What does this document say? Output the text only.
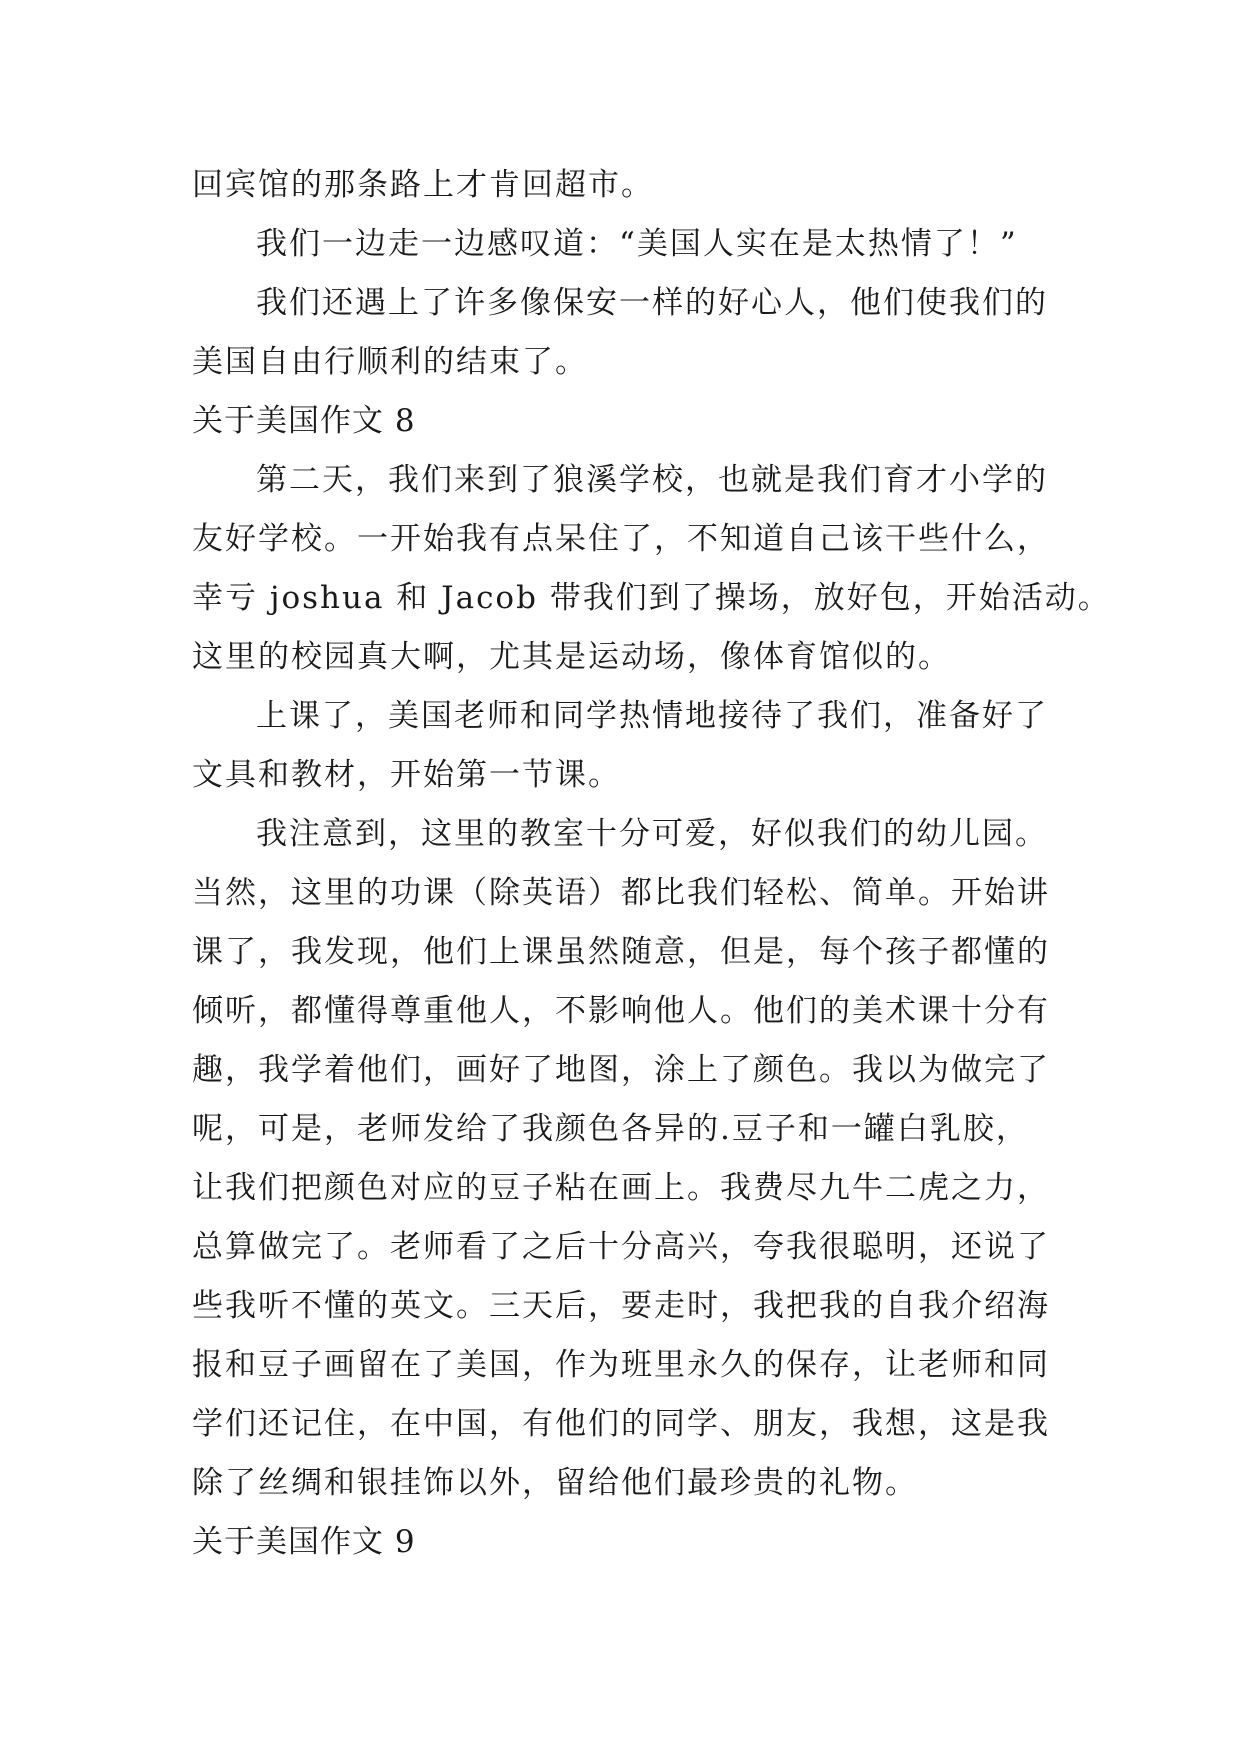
回宾馆的那条路上才肯回超市。

我们一边走一边感叹道：“美国人实在是太热情了！”

我们还遇上了许多像保安一样的好心人，他们使我们的

美国自由行顺利的结束了。

关于美国作文 8

第二天，我们来到了狼溪学校，也就是我们育才小学的

友好学校。一开始我有点呆住了，不知道自己该干些什么，

幸亏 joshua 和 Jacob 带我们到了操场，放好包，开始活动。

这里的校园真大啊，尤其是运动场，像体育馆似的。

上课了，美国老师和同学热情地接待了我们，准备好了

文具和教材，开始第一节课。

我注意到，这里的教室十分可爱，好似我们的幼儿园。

当然，这里的功课（除英语）都比我们轻松、简单。开始讲

课了，我发现，他们上课虽然随意，但是，每个孩子都懂的

倾听，都懂得尊重他人，不影响他人。他们的美术课十分有

趣，我学着他们，画好了地图，涂上了颜色。我以为做完了

呢，可是，老师发给了我颜色各异的.豆子和一罐白乳胶，

让我们把颜色对应的豆子粘在画上。我费尽九牛二虎之力，

总算做完了。老师看了之后十分高兴，夸我很聪明，还说了

些我听不懂的英文。三天后，要走时，我把我的自我介绍海

报和豆子画留在了美国，作为班里永久的保存，让老师和同

学们还记住，在中国，有他们的同学、朋友，我想，这是我

除了丝绸和银挂饰以外，留给他们最珍贵的礼物。

关于美国作文 9
